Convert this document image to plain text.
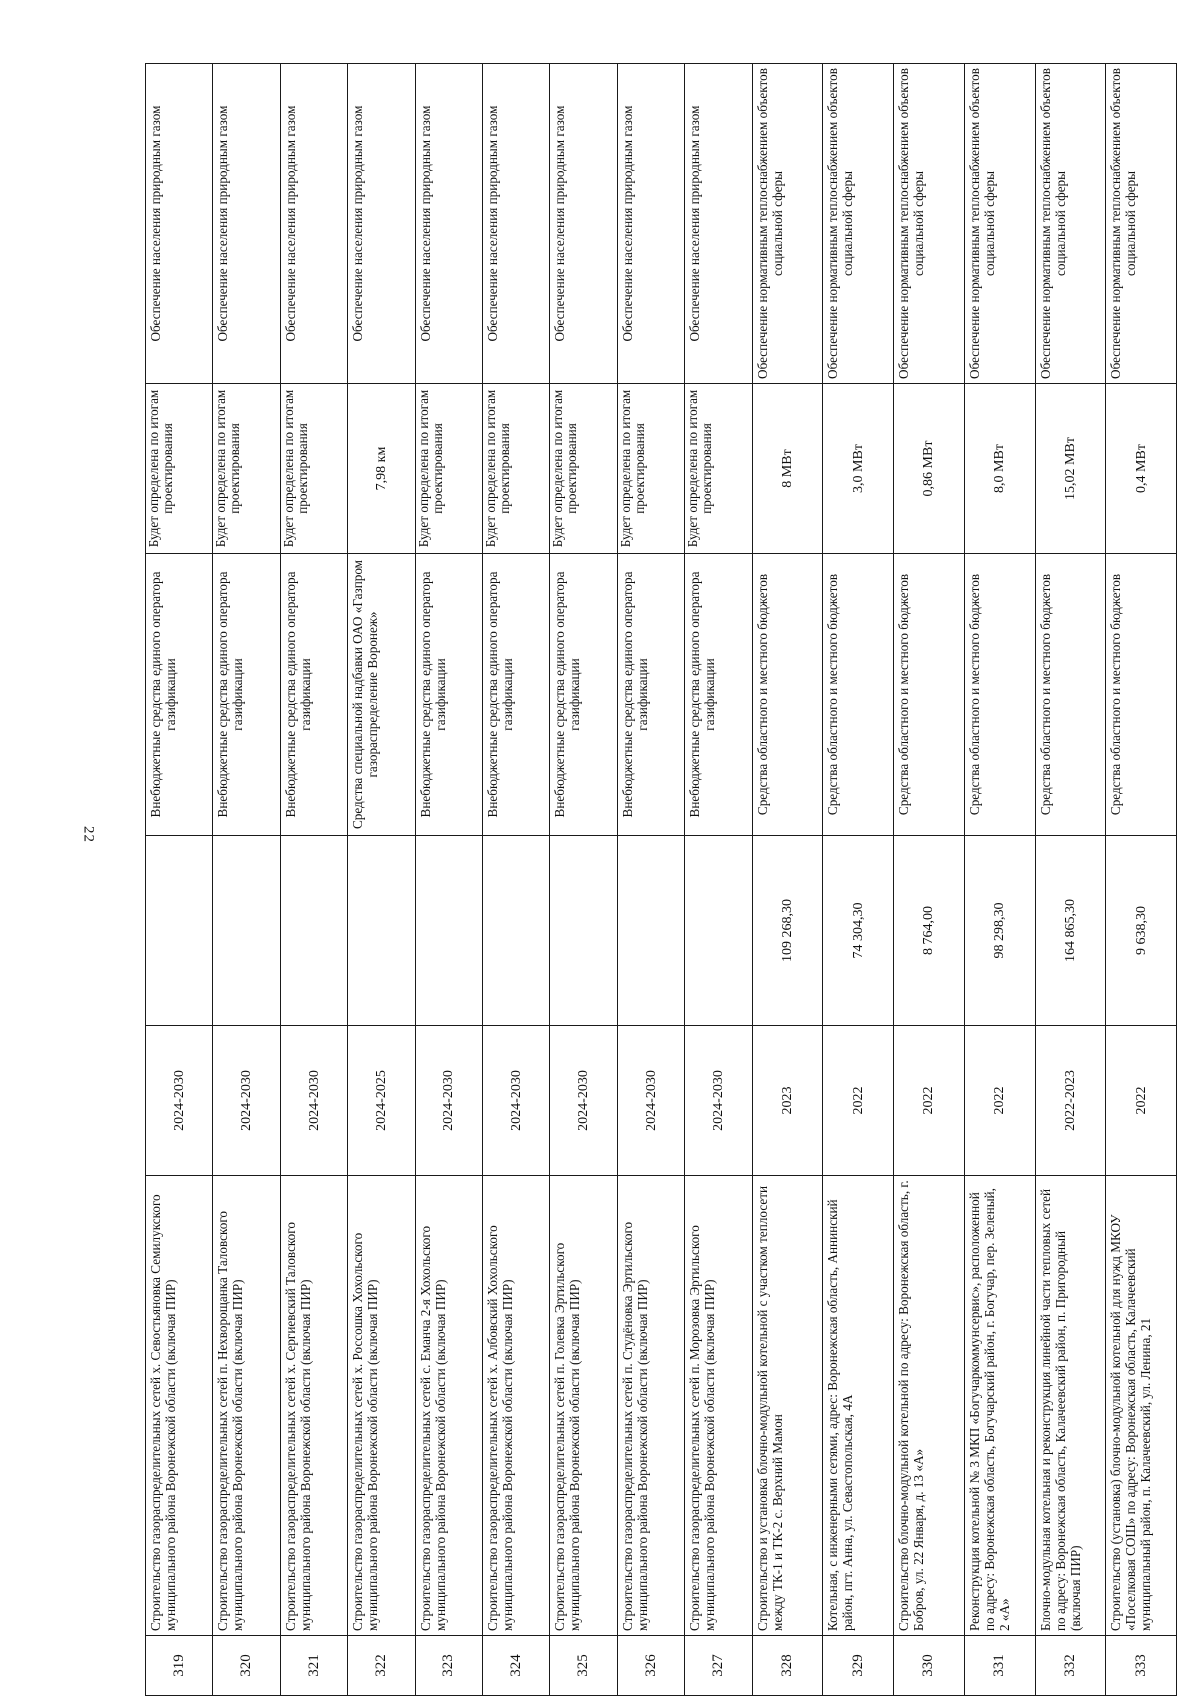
22
319	Строительство газораспределительных сетей х. Севостьяновка Семилукского муниципального района Воронежской области (включая ПИР)	2024-2030		Внебюджетные средства единого оператора газификации	Будет определена по итогам проектирования	Обеспечение населения природным газом
320	Строительство газораспределительных сетей п. Нехворощанка Таловского муниципального района Воронежской области (включая ПИР)	2024-2030		Внебюджетные средства единого оператора газификации	Будет определена по итогам проектирования	Обеспечение населения природным газом
321	Строительство газораспределительных сетей х. Сергиевский Таловского муниципального района Воронежской области (включая ПИР)	2024-2030		Внебюджетные средства единого оператора газификации	Будет определена по итогам проектирования	Обеспечение населения природным газом
322	Строительство газораспределительных сетей х. Россошка Хохольского муниципального района Воронежской области (включая ПИР)	2024-2025		Средства специальной надбавки ОАО «Газпром газораспределение Воронеж»	7,98 км	Обеспечение населения природным газом
323	Строительство газораспределительных сетей с. Еманча 2-я Хохольского муниципального района Воронежской области (включая ПИР)	2024-2030		Внебюджетные средства единого оператора газификации	Будет определена по итогам проектирования	Обеспечение населения природным газом
324	Строительство газораспределительных сетей х. Албовский Хохольского муниципального района Воронежской области (включая ПИР)	2024-2030		Внебюджетные средства единого оператора газификации	Будет определена по итогам проектирования	Обеспечение населения природным газом
325	Строительство газораспределительных сетей п. Голевка Эртильского муниципального района Воронежской области (включая ПИР)	2024-2030		Внебюджетные средства единого оператора газификации	Будет определена по итогам проектирования	Обеспечение населения природным газом
326	Строительство газораспределительных сетей п. Студёновка Эртильского муниципального района Воронежской области (включая ПИР)	2024-2030		Внебюджетные средства единого оператора газификации	Будет определена по итогам проектирования	Обеспечение населения природным газом
327	Строительство газораспределительных сетей п. Морозовка Эртильского муниципального района Воронежской области (включая ПИР)	2024-2030		Внебюджетные средства единого оператора газификации	Будет определена по итогам проектирования	Обеспечение населения природным газом
328	Строительство и установка блочно-модульной котельной с участком теплосети между ТК-1 и ТК-2 с. Верхний Мамон	2023	109 268,30	Средства областного и местного бюджетов	8 МВт	Обеспечение нормативным теплоснабжением объектов социальной сферы
329	Котельная, с инженерными сетями, адрес: Воронежская область, Аннинский район, пгт. Анна, ул. Севастопольская, 4А	2022	74 304,30	Средства областного и местного бюджетов	3,0 МВт	Обеспечение нормативным теплоснабжением объектов социальной сферы
330	Строительство блочно-модульной котельной по адресу: Воронежская область, г. Бобров, ул. 22 Января, д. 13 «А»	2022	8 764,00	Средства областного и местного бюджетов	0,86 МВт	Обеспечение нормативным теплоснабжением объектов социальной сферы
331	Реконструкция котельной № 3 МКП «Богучаркоммунсервис», расположенной по адресу: Воронежская область, Богучарский район, г. Богучар, пер. Зеленый, 2 «А»	2022	98 298,30	Средства областного и местного бюджетов	8,0 МВт	Обеспечение нормативным теплоснабжением объектов социальной сферы
332	Блочно-модульная котельная и реконструкция линейной части тепловых сетей по адресу: Воронежская область, Калачеевский район, п. Пригородный (включая ПИР)	2022-2023	164 865,30	Средства областного и местного бюджетов	15,02 МВт	Обеспечение нормативным теплоснабжением объектов социальной сферы
333	Строительство (установка) блочно-модульной котельной для нужд МКОУ «Поселковая СОШ» по адресу: Воронежская область, Калачеевский муниципальный район, п. Калачеевский, ул. Ленина, 21	2022	9 638,30	Средства областного и местного бюджетов	0,4 МВт	Обеспечение нормативным теплоснабжением объектов социальной сферы
